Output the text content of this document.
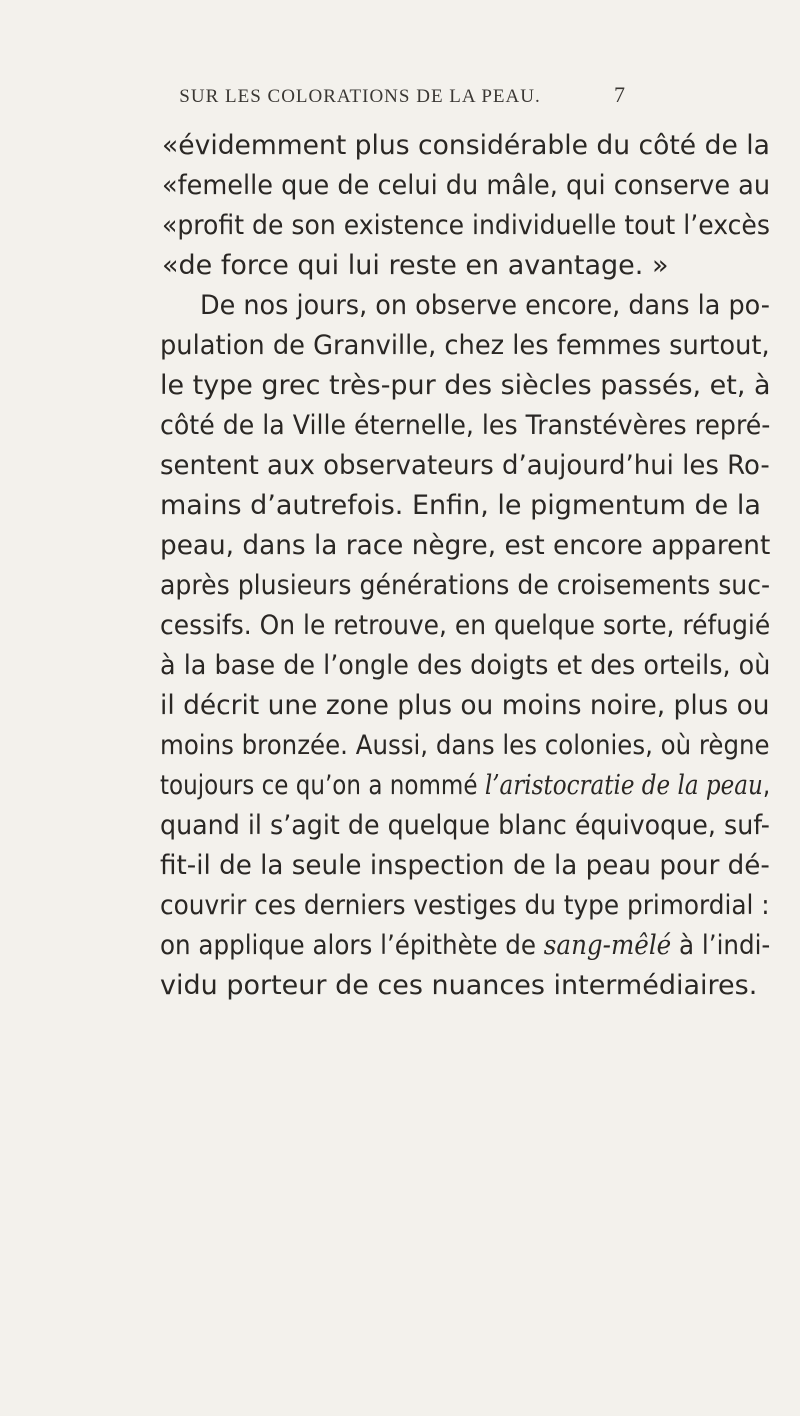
SUR LES COLORATIONS DE LA PEAU.	7
«évidemment plus considérable du côté de la
«femelle que de celui du mâle, qui conserve au
«profit de son existence individuelle tout l’excès
«de force qui lui reste en avantage. »
De nos jours, on observe encore, dans la po-
pulation de Granville, chez les femmes surtout,
le type grec très-pur des siècles passés, et, à
côté de la Ville éternelle, les Transtévères repré-
sentent aux observateurs d’aujourd’hui les Ro-
mains d’autrefois. Enfin, le pigmentum de la
peau, dans la race nègre, est encore apparent
après plusieurs générations de croisements suc-
cessifs. On le retrouve, en quelque sorte, réfugié
à la base de l’ongle des doigts et des orteils, où
il décrit une zone plus ou moins noire, plus ou
moins bronzée. Aussi, dans les colonies, où règne
toujours ce qu’on a nommé l’aristocratie de la peau,
quand il s’agit de quelque blanc équivoque, suf-
fit-il de la seule inspection de la peau pour dé-
couvrir ces derniers vestiges du type primordial :
on applique alors l’épithète de sang-mêlé à l’indi-
vidu porteur de ces nuances intermédiaires.
